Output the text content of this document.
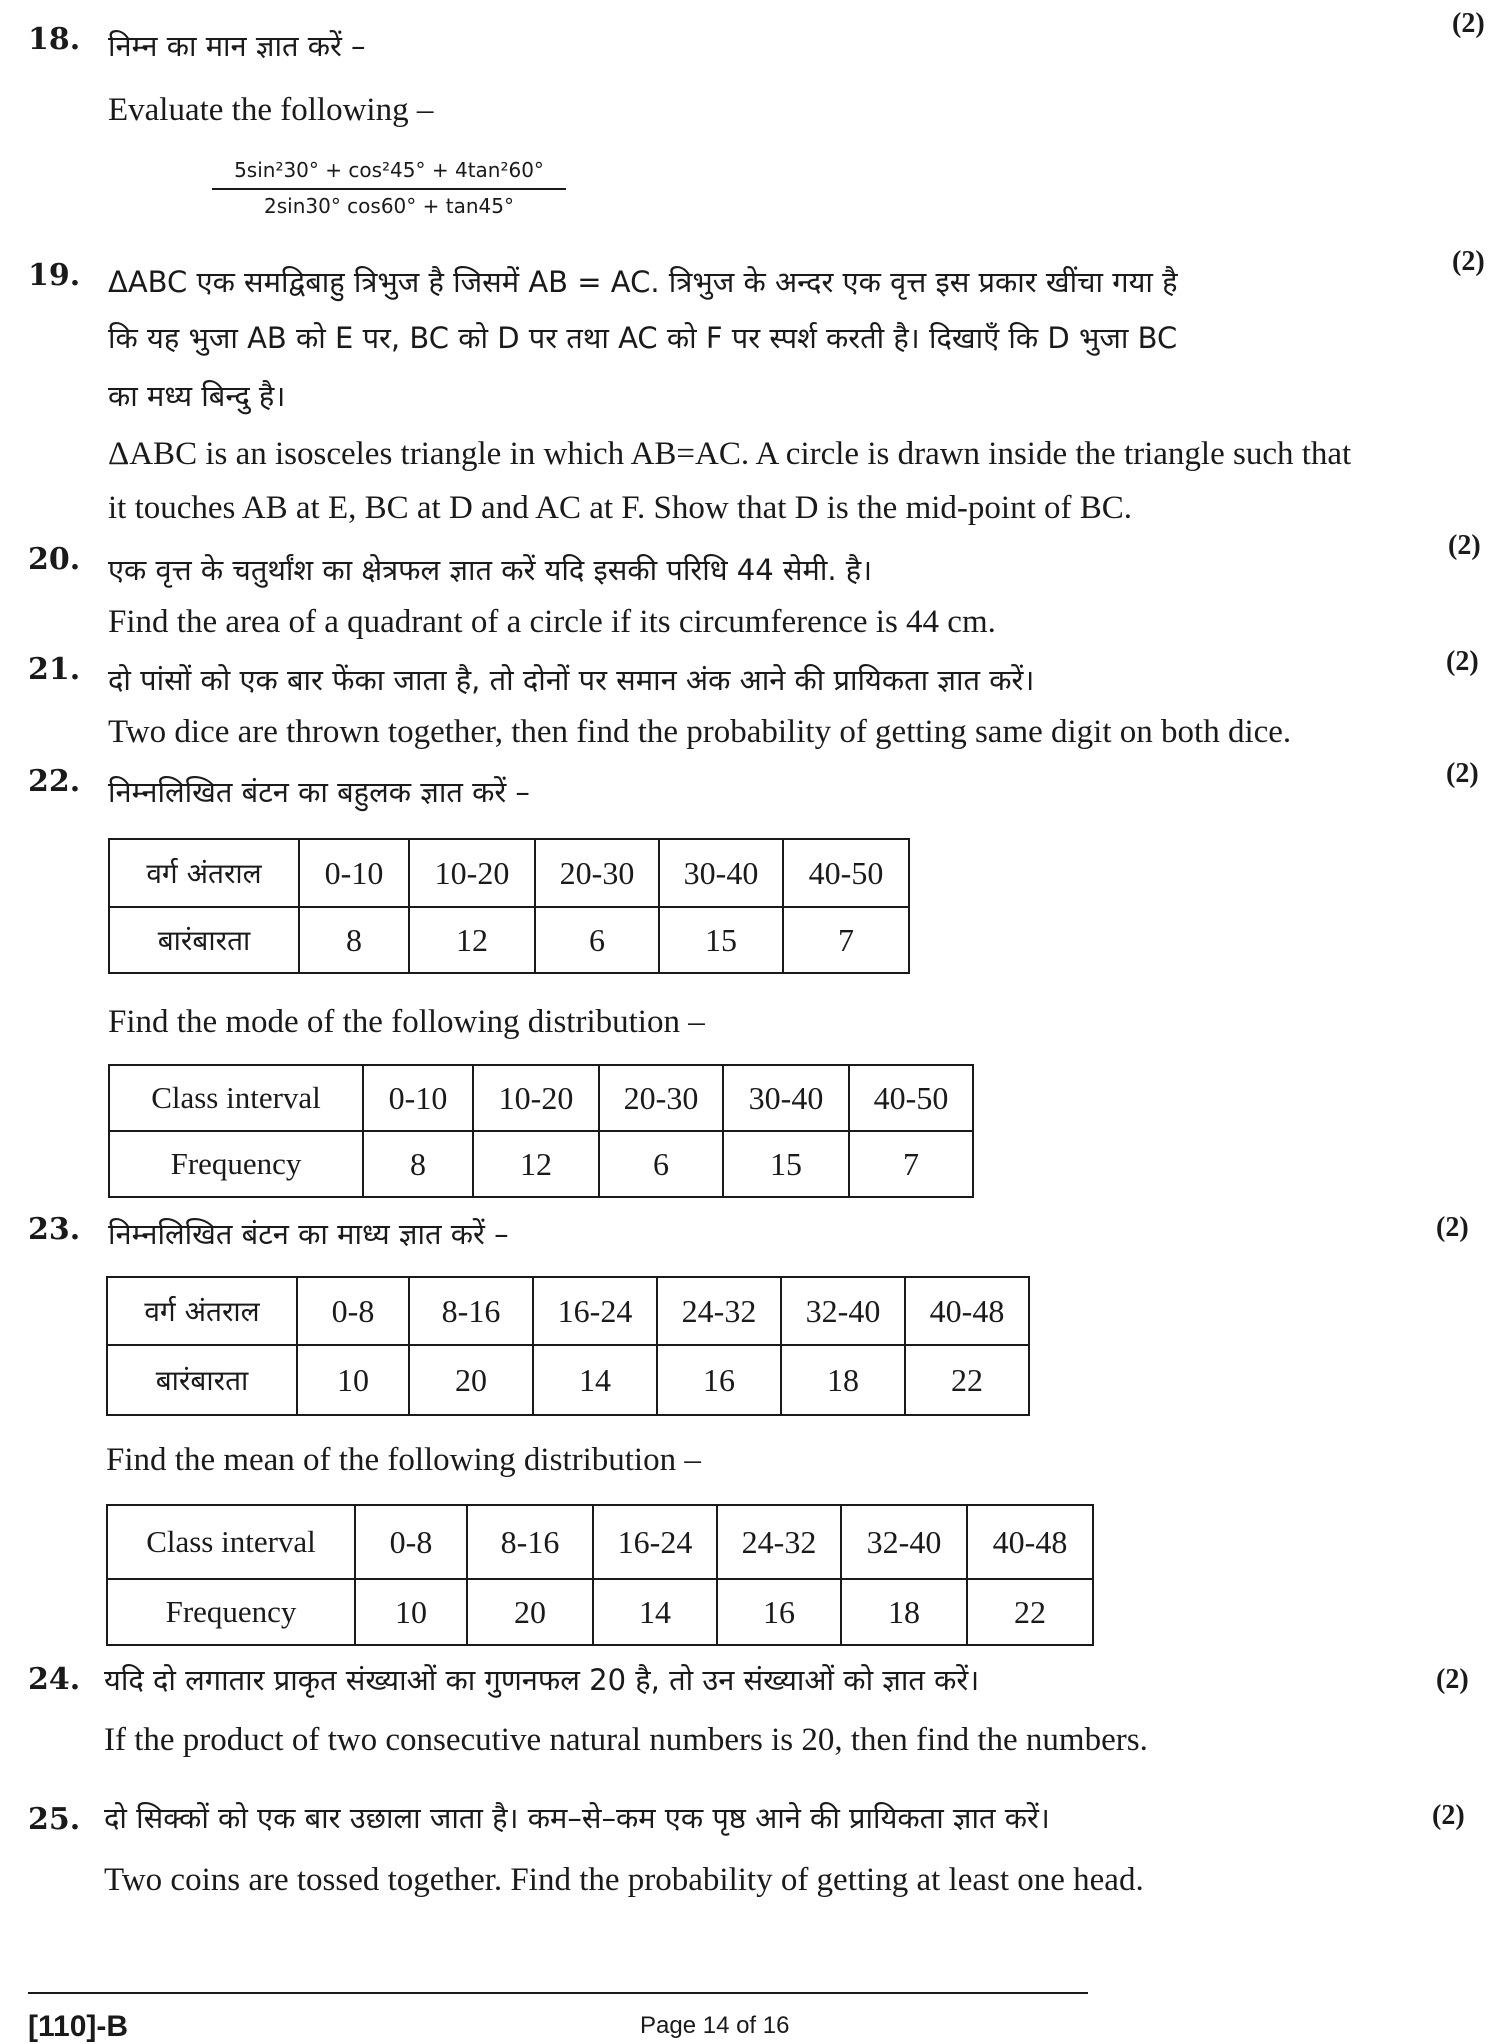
18.	(2)
निम्न का मान ज्ञात करें –
Evaluate the following –
$\frac{\text{5sin²30° + cos²45° + 4tan²60°}}{2\sin 30^\circ \cos 60^\circ + \tan 45^\circ}$
19.	(2)
ΔABC एक समद्विबाहु त्रिभुज है जिसमें AB = AC. त्रिभुज के अन्दर एक वृत्त इस प्रकार खींचा गया है
कि यह भुजा AB को E पर, BC को D पर तथा AC को F पर स्पर्श करती है। दिखाएँ कि D भुजा BC
का मध्य बिन्दु है।
ΔABC is an isosceles triangle in which AB=AC. A circle is drawn inside the triangle such that
it touches AB at E, BC at D and AC at F. Show that D is the mid-point of BC.
20.	(2)
एक वृत्त के चतुर्थांश का क्षेत्रफल ज्ञात करें यदि इसकी परिधि 44 सेमी. है।
Find the area of a quadrant of a circle if its circumference is 44 cm.
21.	(2)
दो पांसों को एक बार फेंका जाता है, तो दोनों पर समान अंक आने की प्रायिकता ज्ञात करें।
Two dice are thrown together, then find the probability of getting same digit on both dice.
22.	(2)
निम्नलिखित बंटन का बहुलक ज्ञात करें –
वर्ग अंतराल	0-10	10-20	20-30	30-40	40-50
बारंबारता	8	12	6	15	7
Find the mode of the following distribution –
Class interval	0-10	10-20	20-30	30-40	40-50
Frequency	8	12	6	15	7
23.	(2)
निम्नलिखित बंटन का माध्य ज्ञात करें –
वर्ग अंतराल	0-8	8-16	16-24	24-32	32-40	40-48
बारंबारता	10	20	14	16	18	22
Find the mean of the following distribution –
Class interval	0-8	8-16	16-24	24-32	32-40	40-48
Frequency	10	20	14	16	18	22
24.	(2)
यदि दो लगातार प्राकृत संख्याओं का गुणनफल 20 है, तो उन संख्याओं को ज्ञात करें।
If the product of two consecutive natural numbers is 20, then find the numbers.
25.	(2)
दो सिक्कों को एक बार उछाला जाता है। कम–से–कम एक पृष्ठ आने की प्रायिकता ज्ञात करें।
Two coins are tossed together. Find the probability of getting at least one head.
[110]-B	Page 14 of 16
